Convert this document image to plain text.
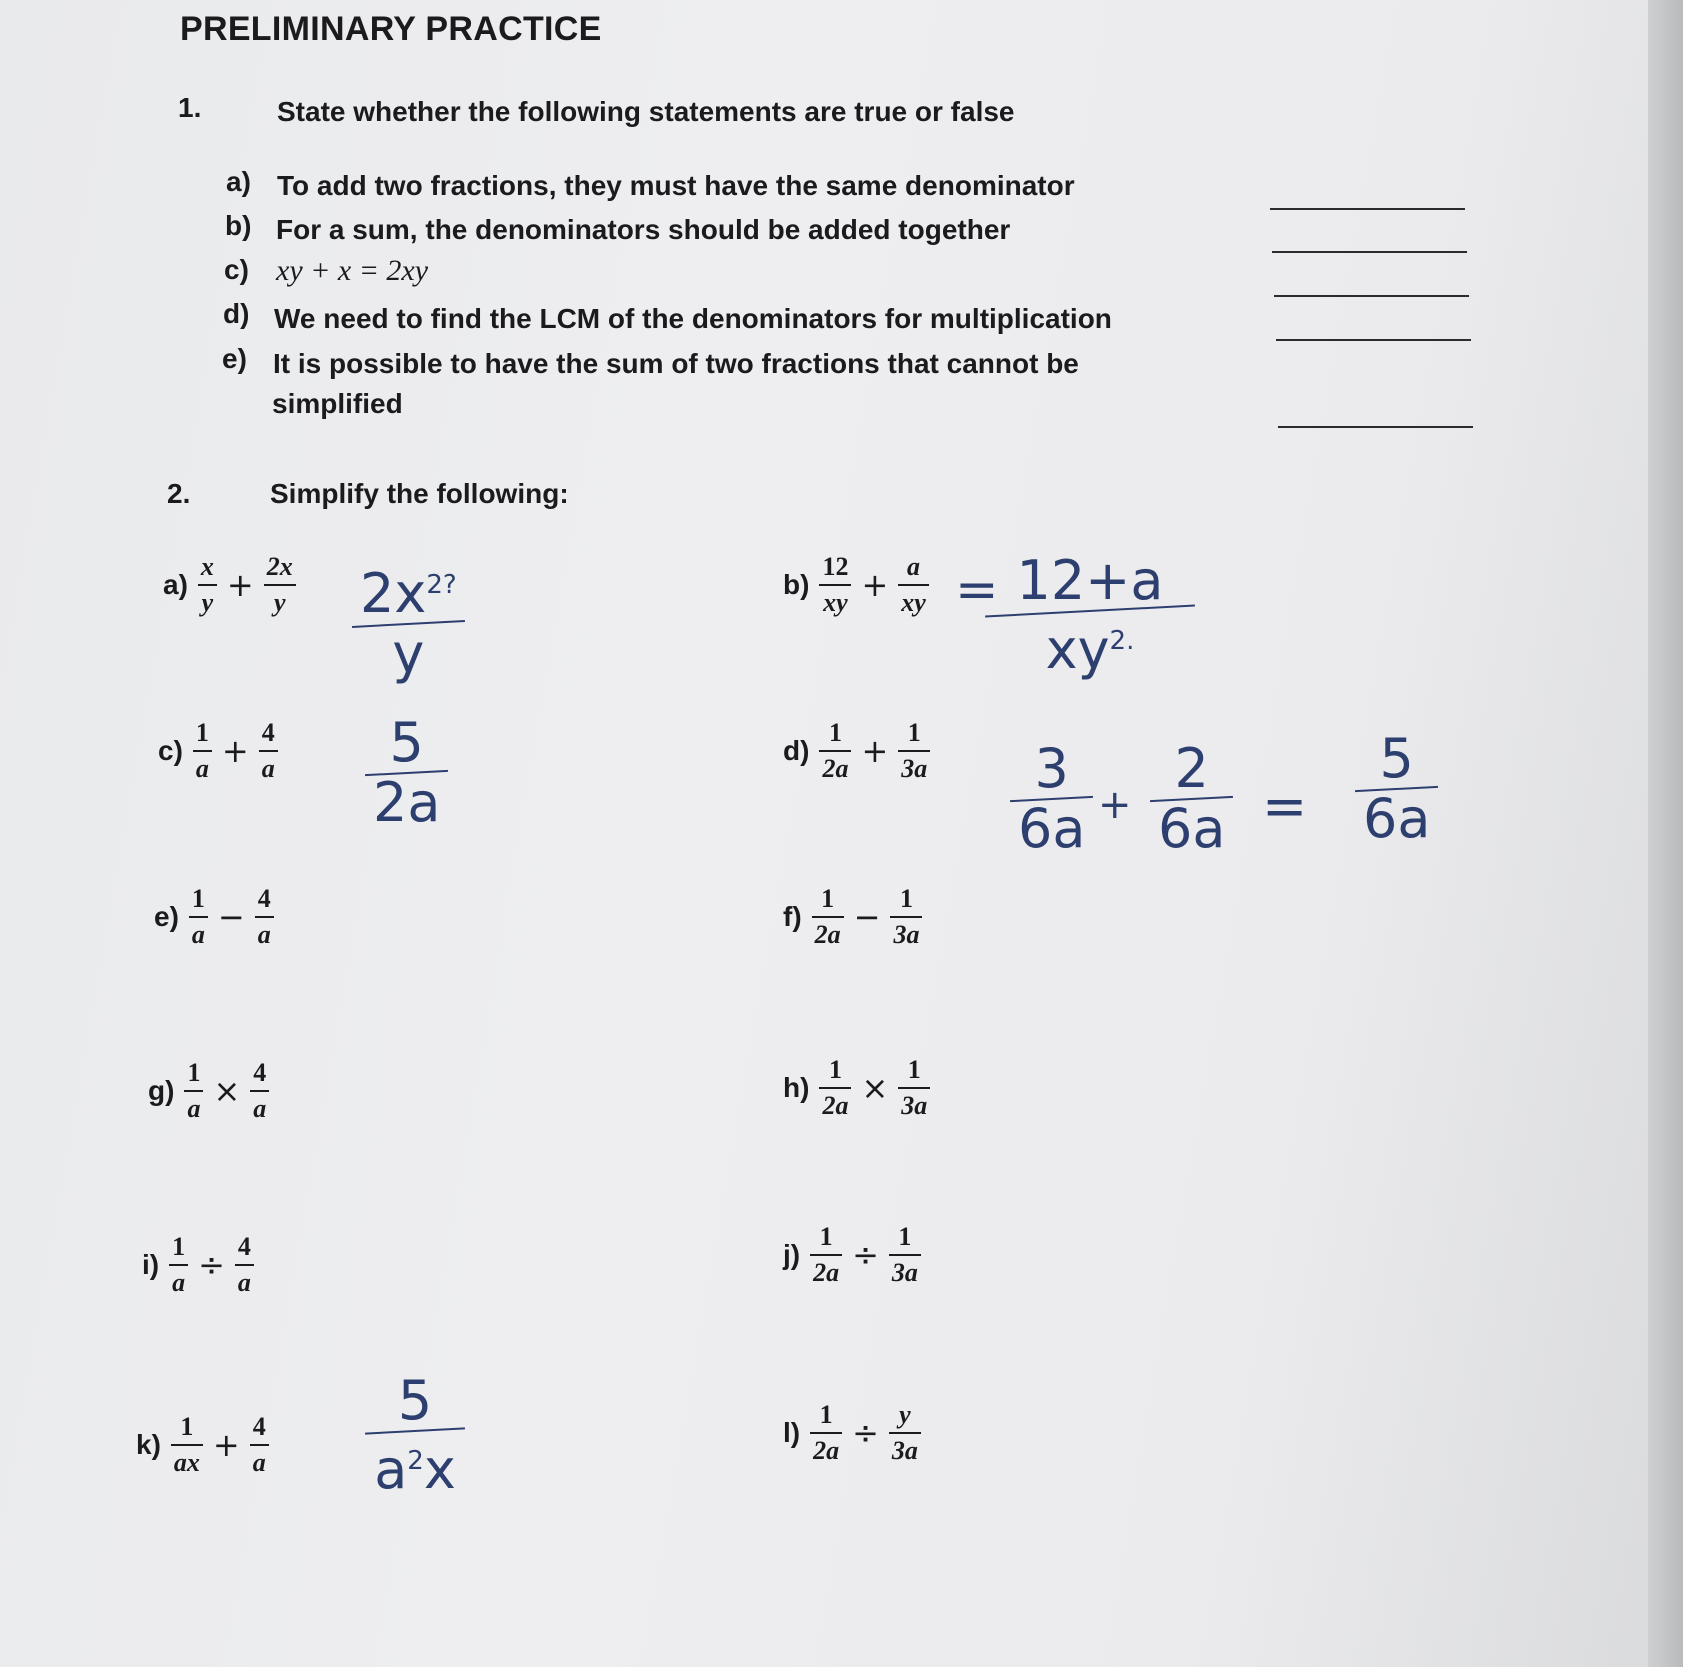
PRELIMINARY PRACTICE
1.	State whether the following statements are true or false
a) To add two fractions, they must have the same denominator
b) For a sum, the denominators should be added together
c) xy + x = 2xy
d) We need to find the LCM of the denominators for multiplication
e) It is possible to have the sum of two fractions that cannot be
simplified
2.	Simplify the following:
$a) \frac{x}{y} + \frac{2x}{y}$
$c) \frac{1}{a} + \frac{4}{a}$
$e) \frac{1}{a} - \frac{4}{a}$
$g) \frac{1}{a} \times \frac{4}{a}$
$i) \frac{1}{a} \div \frac{4}{a}$
$k) \frac{1}{ax} + \frac{4}{a}$
$b) \frac{12}{xy} + \frac{a}{xy}$
$d) \frac{1}{2a} + \frac{1}{3a}$
$f) \frac{1}{2a} - \frac{1}{3a}$
$h) \frac{1}{2a} \times \frac{1}{3a}$
$j) \frac{1}{2a} \div \frac{1}{3a}$
$l) \frac{1}{2a} \div \frac{y}{3a}$
$2x^{2?}$
y
= 12+a
$xy^{2.}$
5
2a
3
6a +
2
6a =
5
6a
5
$a^2x$
